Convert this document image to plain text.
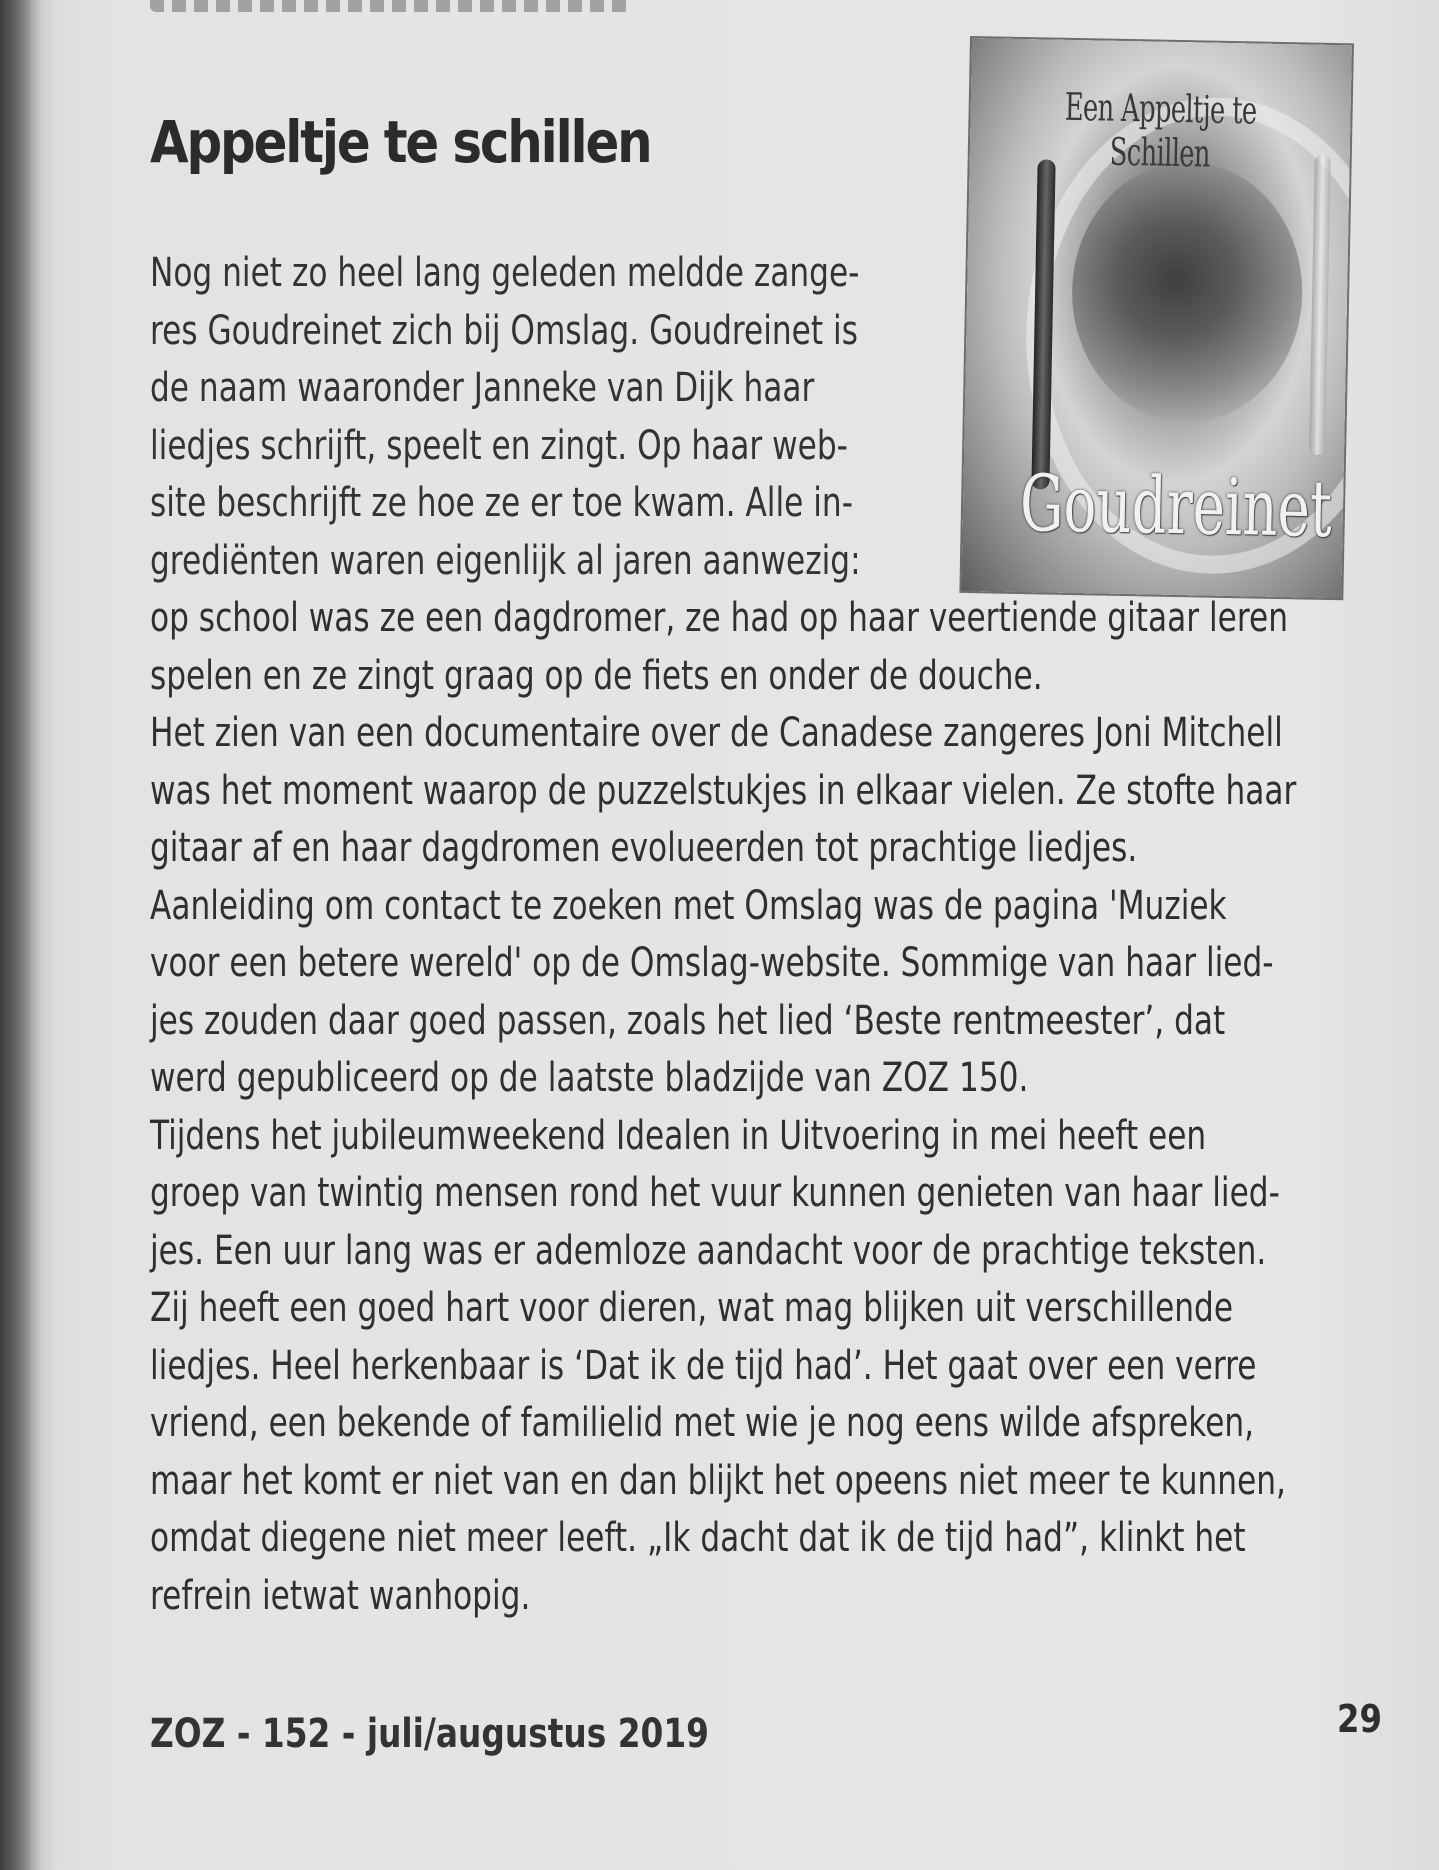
Appeltje te schillen	Een Appeltje te Schillen
Goudreinet

Nog niet zo heel lang geleden meldde zange-
res Goudreinet zich bij Omslag. Goudreinet is
de naam waaronder Janneke van Dijk haar
liedjes schrijft, speelt en zingt. Op haar web-
site beschrijft ze hoe ze er toe kwam. Alle in-
grediënten waren eigenlijk al jaren aanwezig:

op school was ze een dagdromer, ze had op haar veertiende gitaar leren
spelen en ze zingt graag op de fiets en onder de douche.
Het zien van een documentaire over de Canadese zangeres Joni Mitchell
was het moment waarop de puzzelstukjes in elkaar vielen. Ze stofte haar
gitaar af en haar dagdromen evolueerden tot prachtige liedjes.
Aanleiding om contact te zoeken met Omslag was de pagina 'Muziek
voor een betere wereld' op de Omslag-website. Sommige van haar lied-
jes zouden daar goed passen, zoals het lied ‘Beste rentmeester’, dat
werd gepubliceerd op de laatste bladzijde van ZOZ 150.
Tijdens het jubileumweekend Idealen in Uitvoering in mei heeft een
groep van twintig mensen rond het vuur kunnen genieten van haar lied-
jes. Een uur lang was er ademloze aandacht voor de prachtige teksten.
Zij heeft een goed hart voor dieren, wat mag blijken uit verschillende
liedjes. Heel herkenbaar is ‘Dat ik de tijd had’. Het gaat over een verre
vriend, een bekende of familielid met wie je nog eens wilde afspreken,
maar het komt er niet van en dan blijkt het opeens niet meer te kunnen,
omdat diegene niet meer leeft. „Ik dacht dat ik de tijd had”, klinkt het
refrein ietwat wanhopig.

ZOZ - 152 - juli/augustus 2019	29
